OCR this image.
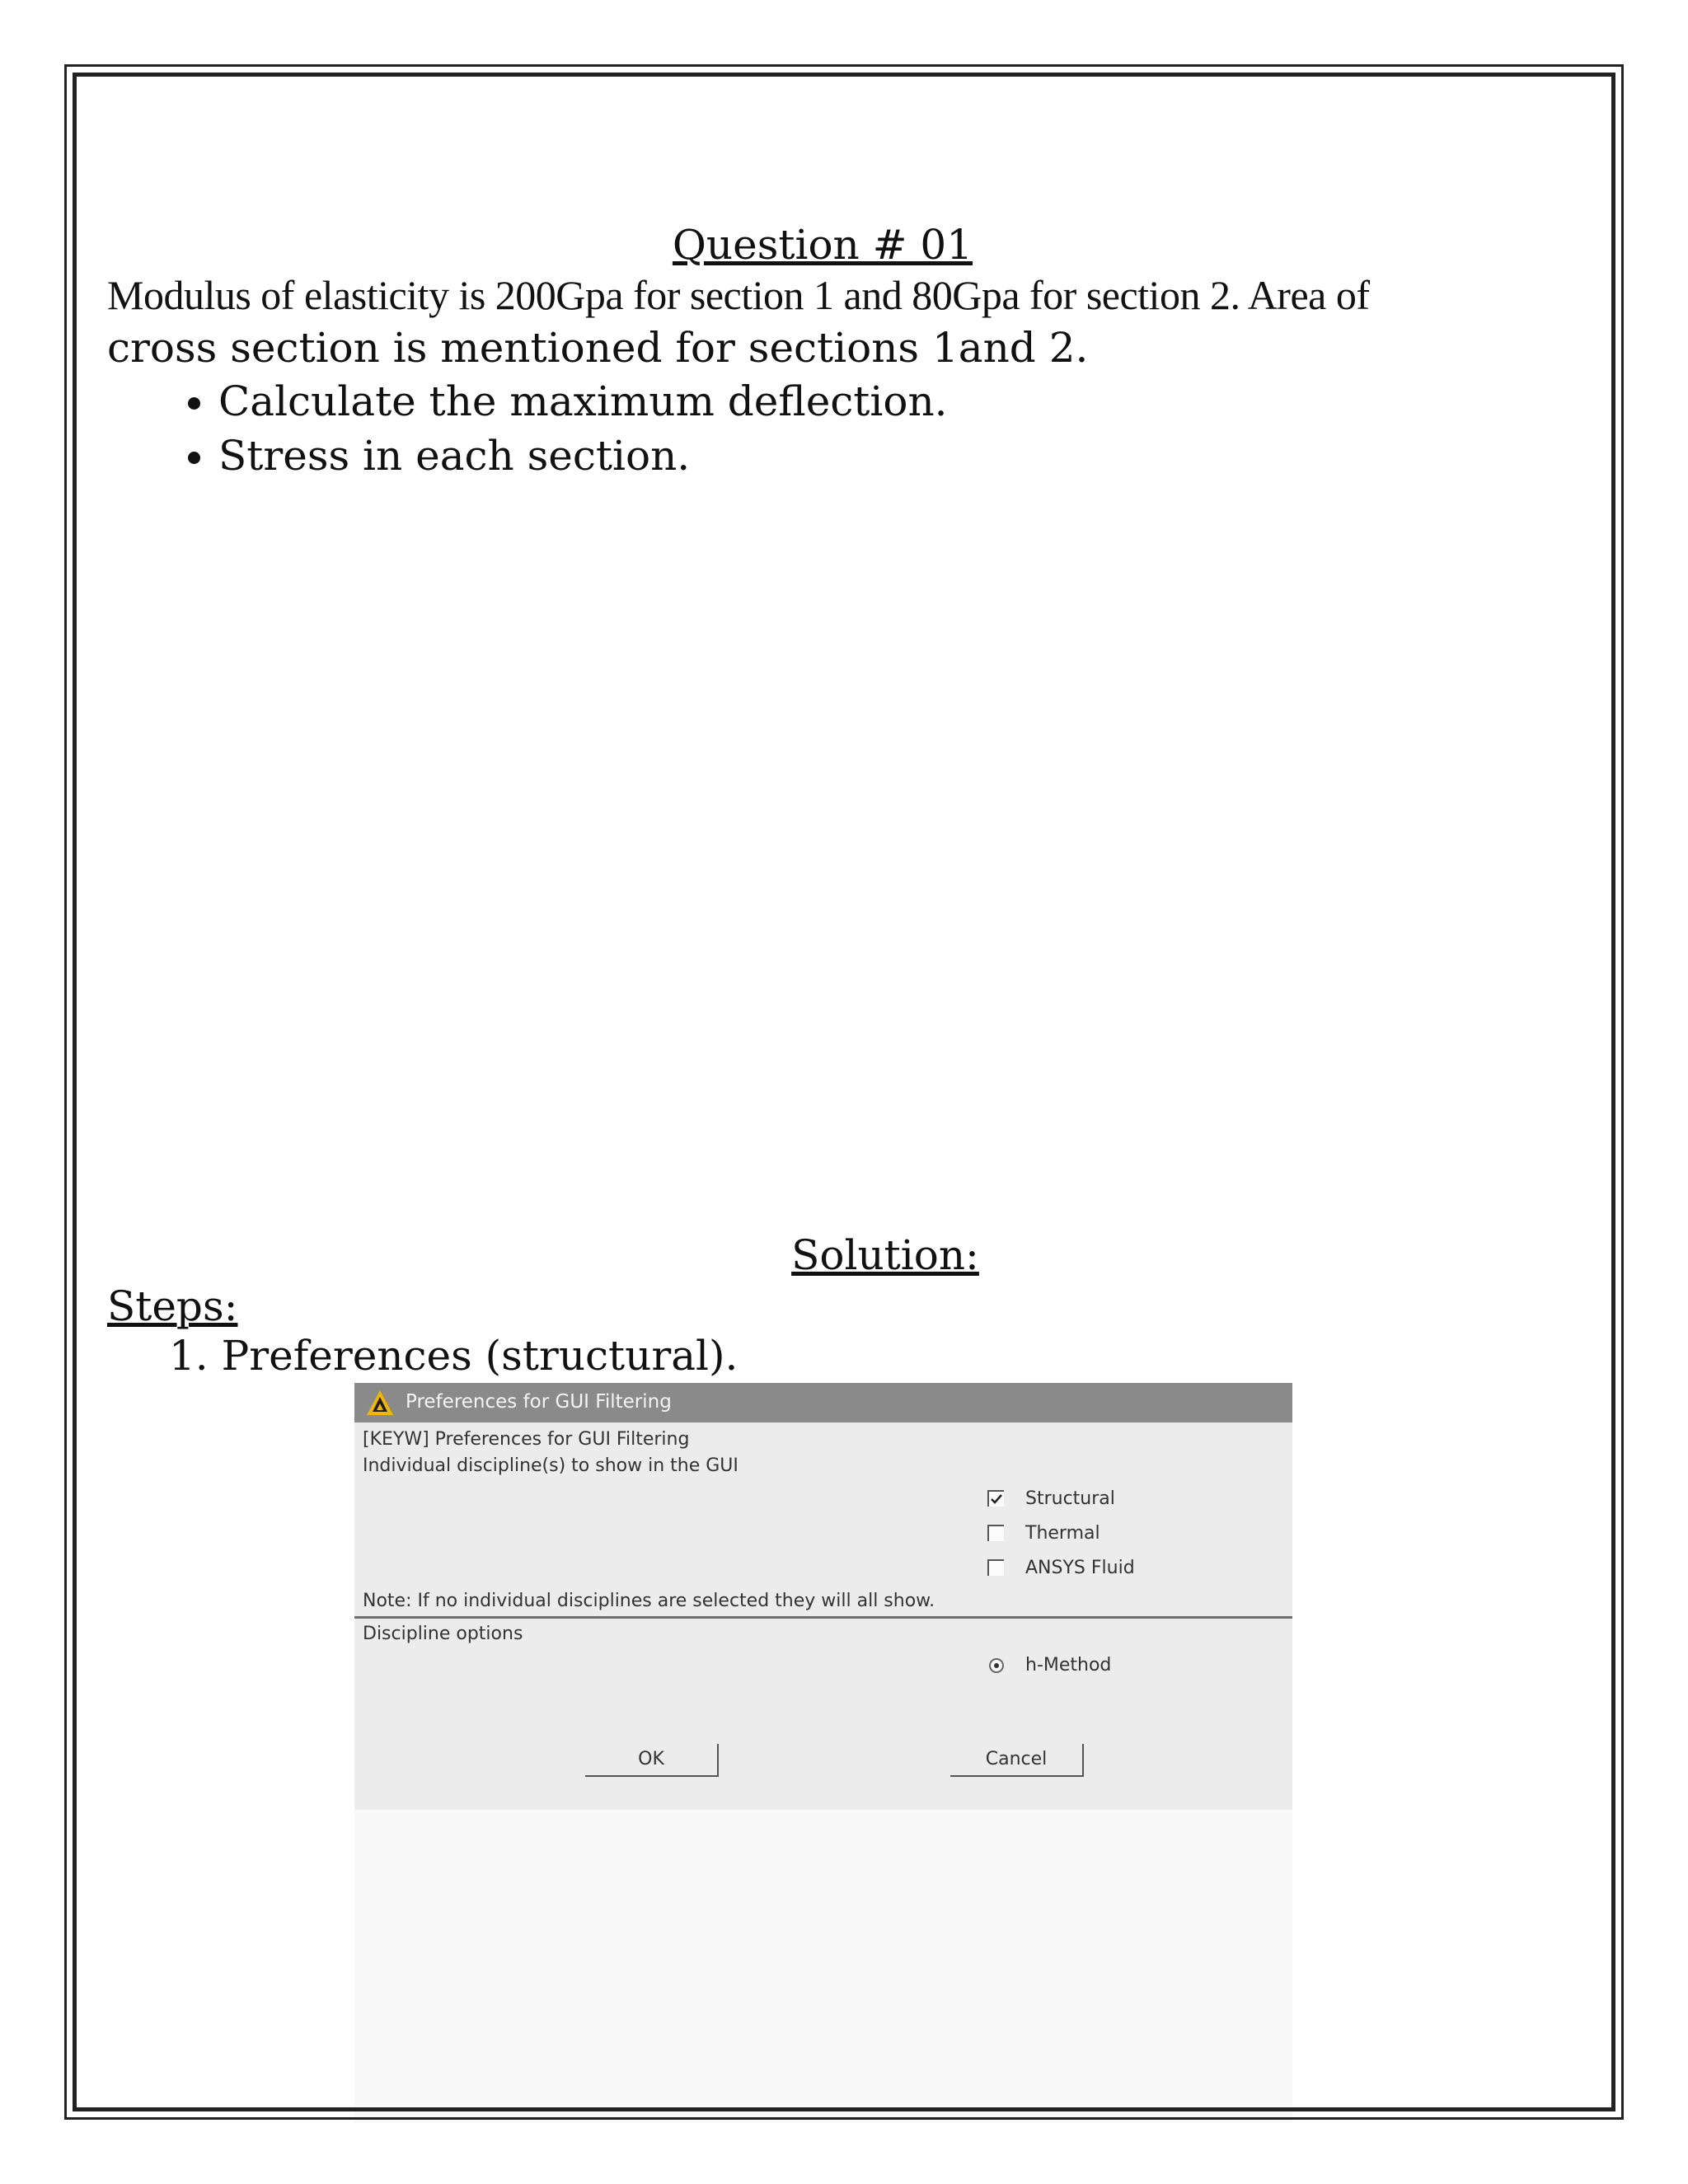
Question # 01

Modulus of elasticity is 200Gpa for section 1 and 80Gpa for section 2. Area of
cross section is mentioned for sections 1and 2.

• Calculate the maximum deflection.
• Stress in each section.
Solution:
Steps:
1. Preferences (structural).
Preferences for GUI Filtering
[KEYW] Preferences for GUI Filtering
Individual discipline(s) to show in the GUI
Structural
Thermal
ANSYS Fluid
Note: If no individual disciplines are selected they will all show.
Discipline options
h-Method
OK	Cancel
